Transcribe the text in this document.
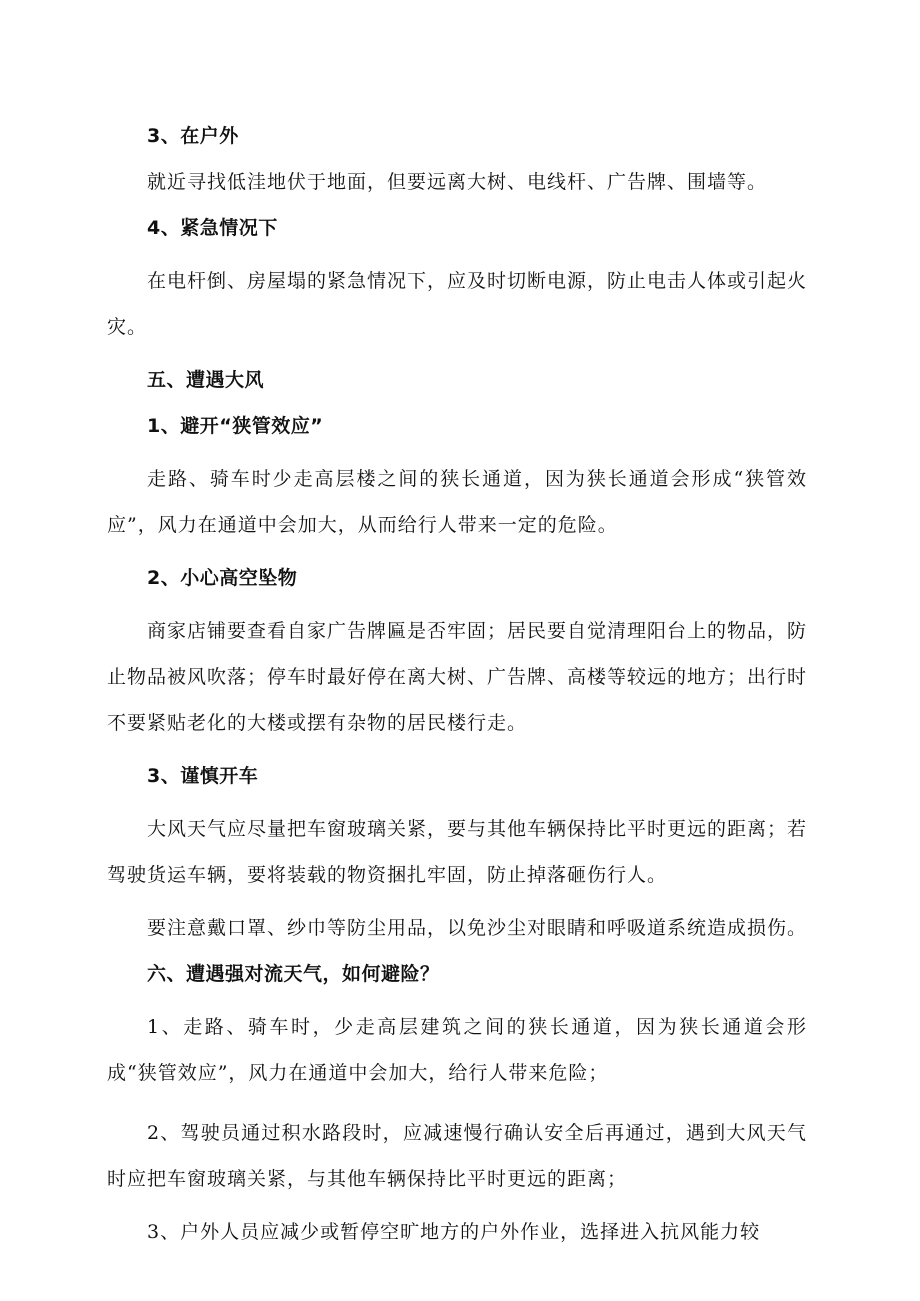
3、在户外
就近寻找低洼地伏于地面，但要远离大树、电线杆、广告牌、围墙等。
4、紧急情况下
在电杆倒、房屋塌的紧急情况下，应及时切断电源，防止电击人体或引起火灾。
五、遭遇大风
1、避开“狭管效应”
走路、骑车时少走高层楼之间的狭长通道，因为狭长通道会形成“狭管效应”，风力在通道中会加大，从而给行人带来一定的危险。
2、小心高空坠物
商家店铺要查看自家广告牌匾是否牢固；居民要自觉清理阳台上的物品，防止物品被风吹落；停车时最好停在离大树、广告牌、高楼等较远的地方；出行时不要紧贴老化的大楼或摆有杂物的居民楼行走。
3、谨慎开车
大风天气应尽量把车窗玻璃关紧，要与其他车辆保持比平时更远的距离；若驾驶货运车辆，要将装载的物资捆扎牢固，防止掉落砸伤行人。
要注意戴口罩、纱巾等防尘用品，以免沙尘对眼睛和呼吸道系统造成损伤。
六、遭遇强对流天气，如何避险？
1、走路、骑车时，少走高层建筑之间的狭长通道，因为狭长通道会形成“狭管效应”，风力在通道中会加大，给行人带来危险；
2、驾驶员通过积水路段时，应减速慢行确认安全后再通过，遇到大风天气时应把车窗玻璃关紧，与其他车辆保持比平时更远的距离；
3、户外人员应减少或暂停空旷地方的户外作业，选择进入抗风能力较
